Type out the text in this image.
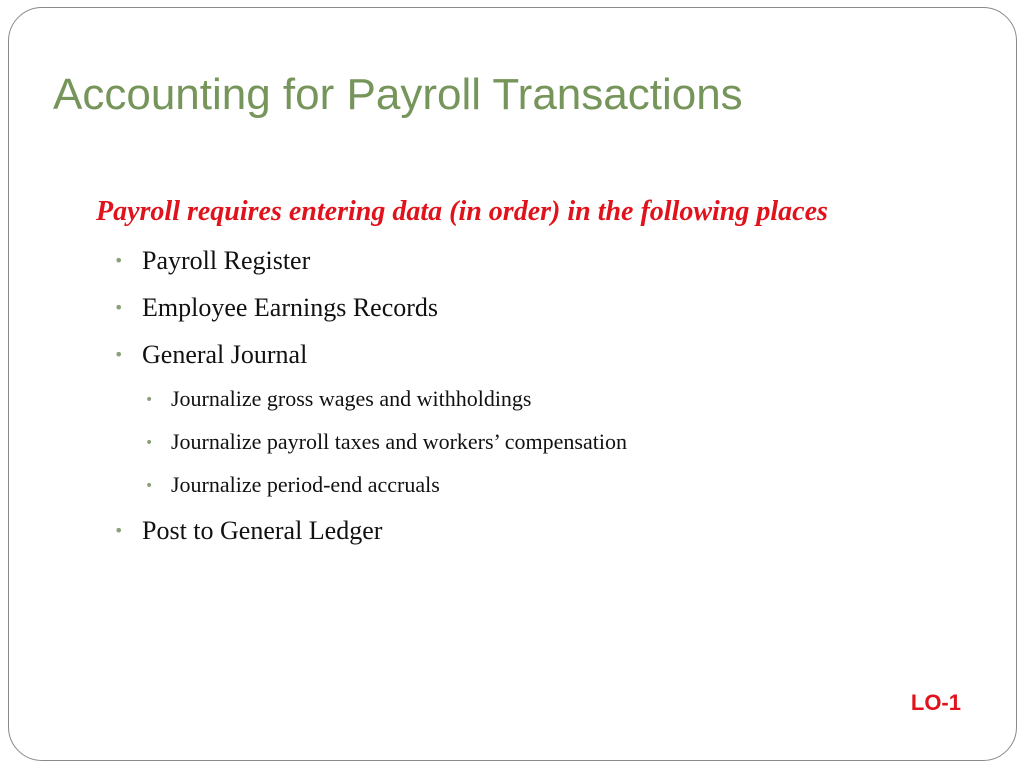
Accounting for Payroll Transactions
Payroll requires entering data (in order) in the following places
• Payroll Register
• Employee Earnings Records
• General Journal
• Journalize gross wages and withholdings
• Journalize payroll taxes and workers’ compensation
• Journalize period-end accruals
• Post to General Ledger
LO-1
